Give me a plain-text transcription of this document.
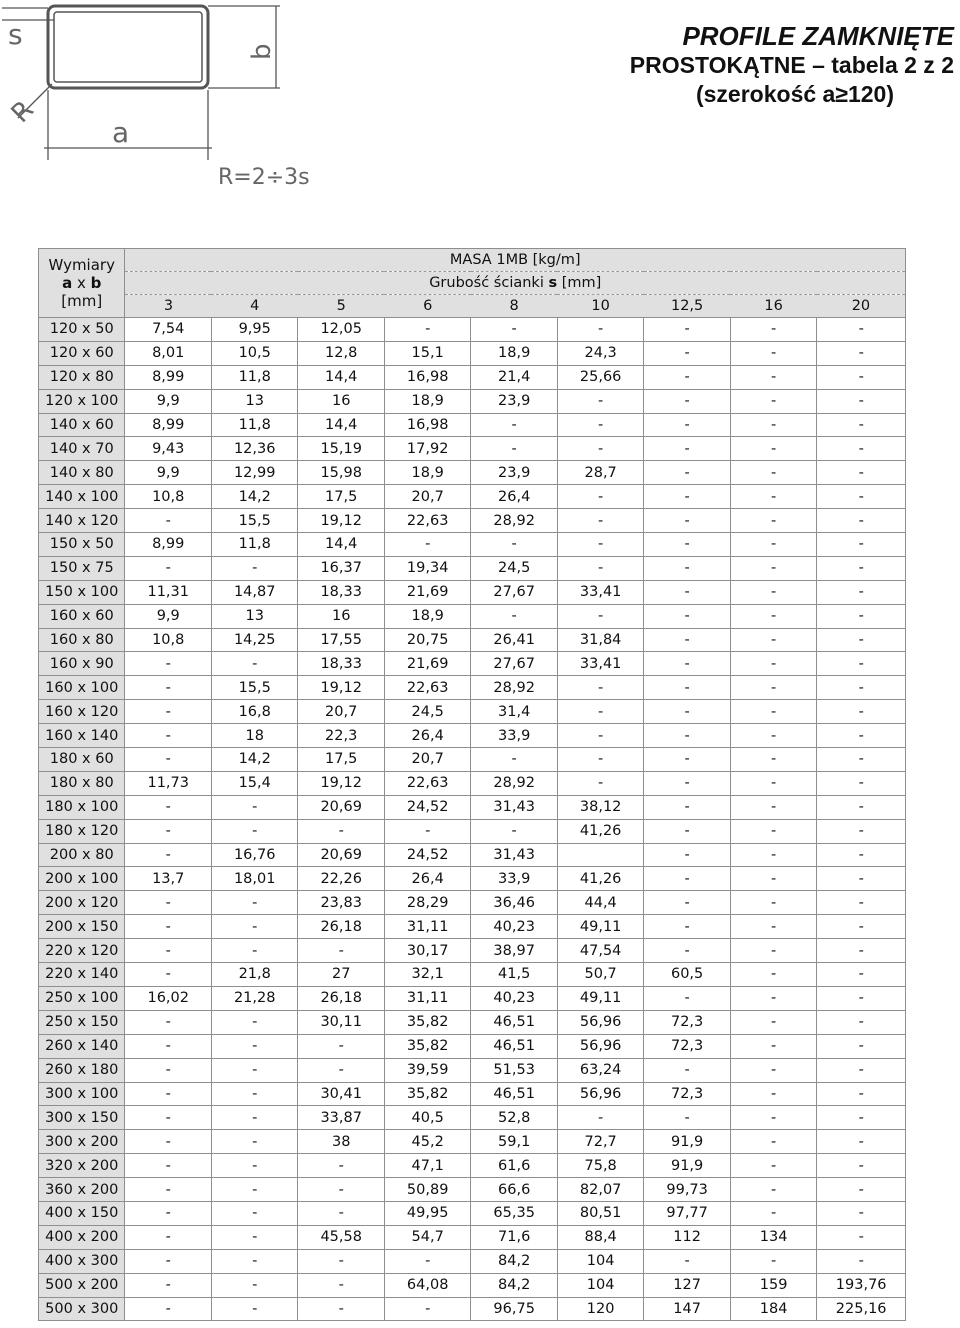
s
b
R
a
R=2÷3s
PROFILE ZAMKNIĘTE
PROSTOKĄTNE – tabela 2 z 2
(szerokość a≥120)
Wymiary
a x b
[mm]	MASA 1MB [kg/m]								
	Grubość ścianki s [mm]								
	3	4	5	6	8	10	12,5	16	20
120 x 50	7,54	9,95	12,05	-	-	-	-	-	-
120 x 60	8,01	10,5	12,8	15,1	18,9	24,3	-	-	-
120 x 80	8,99	11,8	14,4	16,98	21,4	25,66	-	-	-
120 x 100	9,9	13	16	18,9	23,9	-	-	-	-
140 x 60	8,99	11,8	14,4	16,98	-	-	-	-	-
140 x 70	9,43	12,36	15,19	17,92	-	-	-	-	-
140 x 80	9,9	12,99	15,98	18,9	23,9	28,7	-	-	-
140 x 100	10,8	14,2	17,5	20,7	26,4	-	-	-	-
140 x 120	-	15,5	19,12	22,63	28,92	-	-	-	-
150 x 50	8,99	11,8	14,4	-	-	-	-	-	-
150 x 75	-	-	16,37	19,34	24,5	-	-	-	-
150 x 100	11,31	14,87	18,33	21,69	27,67	33,41	-	-	-
160 x 60	9,9	13	16	18,9	-	-	-	-	-
160 x 80	10,8	14,25	17,55	20,75	26,41	31,84	-	-	-
160 x 90	-	-	18,33	21,69	27,67	33,41	-	-	-
160 x 100	-	15,5	19,12	22,63	28,92	-	-	-	-
160 x 120	-	16,8	20,7	24,5	31,4	-	-	-	-
160 x 140	-	18	22,3	26,4	33,9	-	-	-	-
180 x 60	-	14,2	17,5	20,7	-	-	-	-	-
180 x 80	11,73	15,4	19,12	22,63	28,92	-	-	-	-
180 x 100	-	-	20,69	24,52	31,43	38,12	-	-	-
180 x 120	-	-	-	-	-	41,26	-	-	-
200 x 80	-	16,76	20,69	24,52	31,43		-	-	-
200 x 100	13,7	18,01	22,26	26,4	33,9	41,26	-	-	-
200 x 120	-	-	23,83	28,29	36,46	44,4	-	-	-
200 x 150	-	-	26,18	31,11	40,23	49,11	-	-	-
220 x 120	-	-	-	30,17	38,97	47,54	-	-	-
220 x 140	-	21,8	27	32,1	41,5	50,7	60,5	-	-
250 x 100	16,02	21,28	26,18	31,11	40,23	49,11	-	-	-
250 x 150	-	-	30,11	35,82	46,51	56,96	72,3	-	-
260 x 140	-	-	-	35,82	46,51	56,96	72,3	-	-
260 x 180	-	-	-	39,59	51,53	63,24	-	-	-
300 x 100	-	-	30,41	35,82	46,51	56,96	72,3	-	-
300 x 150	-	-	33,87	40,5	52,8	-	-	-	-
300 x 200	-	-	38	45,2	59,1	72,7	91,9	-	-
320 x 200	-	-	-	47,1	61,6	75,8	91,9	-	-
360 x 200	-	-	-	50,89	66,6	82,07	99,73	-	-
400 x 150	-	-	-	49,95	65,35	80,51	97,77	-	-
400 x 200	-	-	45,58	54,7	71,6	88,4	112	134	-
400 x 300	-	-	-	-	84,2	104	-	-	-
500 x 200	-	-	-	64,08	84,2	104	127	159	193,76
500 x 300	-	-	-	-	96,75	120	147	184	225,16
